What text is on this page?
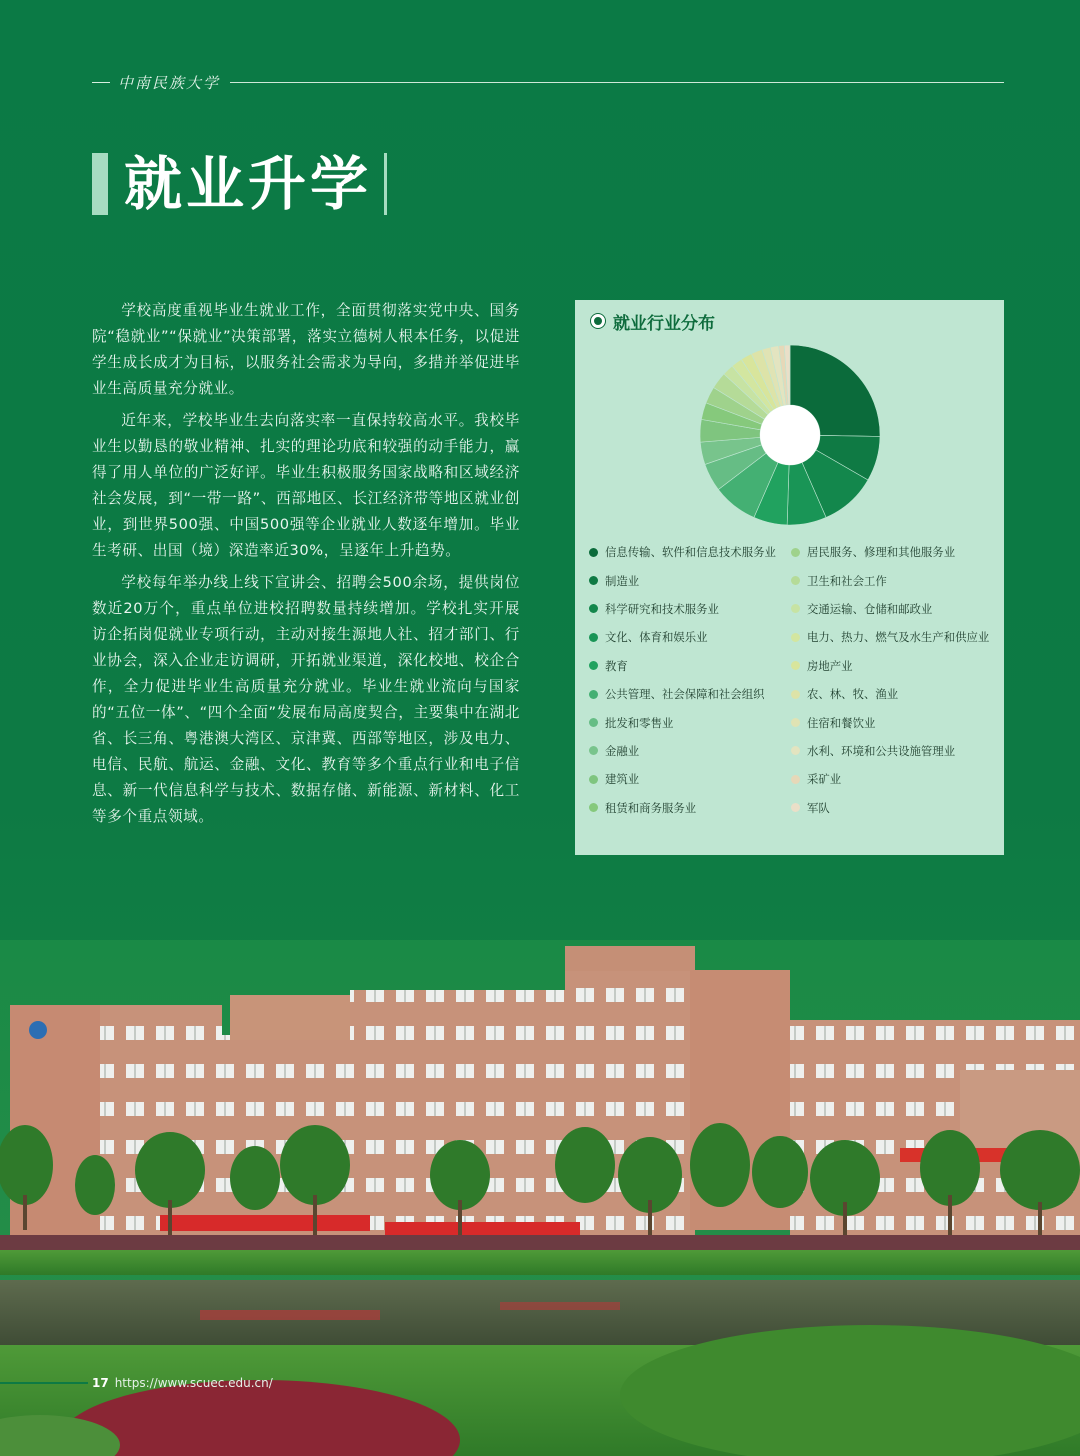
中南民族大学
就业升学

学校高度重视毕业生就业工作，全面贯彻落实党中央、国务院“稳就业”“保就业”决策部署，落实立德树人根本任务，以促进学生成长成才为目标，以服务社会需求为导向，多措并举促进毕业生高质量充分就业。

近年来，学校毕业生去向落实率一直保持较高水平。我校毕业生以勤恳的敬业精神、扎实的理论功底和较强的动手能力，赢得了用人单位的广泛好评。毕业生积极服务国家战略和区域经济社会发展，到“一带一路”、西部地区、长江经济带等地区就业创业，到世界500强、中国500强等企业就业人数逐年增加。毕业生考研、出国（境）深造率近30%，呈逐年上升趋势。

学校每年举办线上线下宣讲会、招聘会500余场，提供岗位数近20万个，重点单位进校招聘数量持续增加。学校扎实开展访企拓岗促就业专项行动，主动对接生源地人社、招才部门、行业协会，深入企业走访调研，开拓就业渠道，深化校地、校企合作，全力促进毕业生高质量充分就业。毕业生就业流向与国家的“五位一体”、“四个全面”发展布局高度契合，主要集中在湖北省、长三角、粤港澳大湾区、京津冀、西部等地区，涉及电力、电信、民航、航运、金融、文化、教育等多个重点行业和电子信息、新一代信息科学与技术、数据存储、新能源、新材料、化工等多个重点领域。

就业行业分布
信息传输、软件和信息技术服务业
制造业
科学研究和技术服务业
文化、体育和娱乐业
教育
公共管理、社会保障和社会组织
批发和零售业
金融业
建筑业
租赁和商务服务业
居民服务、修理和其他服务业
卫生和社会工作
交通运输、仓储和邮政业
电力、热力、燃气及水生产和供应业
房地产业
农、林、牧、渔业
住宿和餐饮业
水利、环境和公共设施管理业
采矿业
军队
17 https://www.scuec.edu.cn/
